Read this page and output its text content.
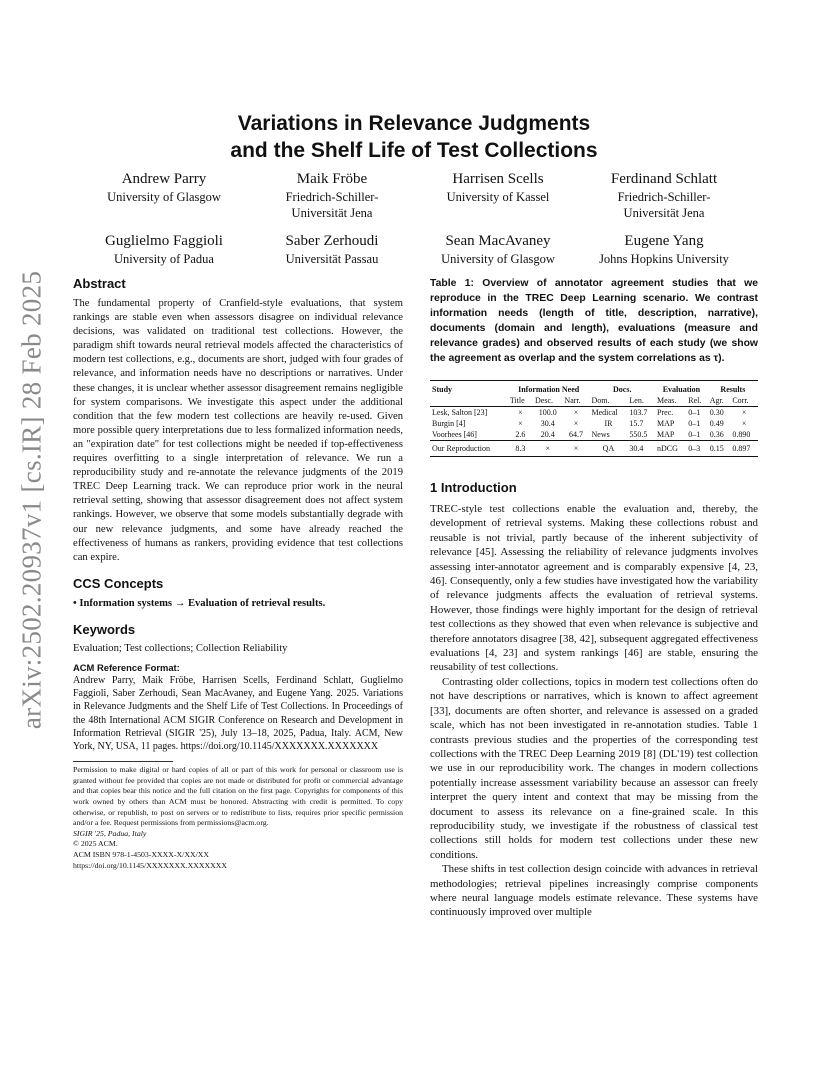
arXiv:2502.20937v1 [cs.IR] 28 Feb 2025
Variations in Relevance Judgments
and the Shelf Life of Test Collections
Andrew Parry
University of Glasgow
Maik Fröbe
Friedrich-Schiller-
Universität Jena
Harrisen Scells
University of Kassel
Ferdinand Schlatt
Friedrich-Schiller-
Universität Jena
Guglielmo Faggioli
University of Padua
Saber Zerhoudi
Universität Passau
Sean MacAvaney
University of Glasgow
Eugene Yang
Johns Hopkins University
Abstract

The fundamental property of Cranfield-style evaluations, that system rankings are stable even when assessors disagree on individual relevance decisions, was validated on traditional test collections. However, the paradigm shift towards neural retrieval models affected the characteristics of modern test collections, e.g., documents are short, judged with four grades of relevance, and information needs have no descriptions or narratives. Under these changes, it is unclear whether assessor disagreement remains negligible for system comparisons. We investigate this aspect under the additional condition that the few modern test collections are heavily re-used. Given more possible query interpretations due to less formalized information needs, an "expiration date" for test collections might be needed if top-effectiveness requires overfitting to a single interpretation of relevance. We run a reproducibility study and re-annotate the relevance judgments of the 2019 TREC Deep Learning track. We can reproduce prior work in the neural retrieval setting, showing that assessor disagreement does not affect system rankings. However, we observe that some models substantially degrade with our new relevance judgments, and some have already reached the effectiveness of humans as rankers, providing evidence that test collections can expire.

CCS Concepts

• Information systems → Evaluation of retrieval results.

Keywords

Evaluation; Test collections; Collection Reliability

ACM Reference Format:

Andrew Parry, Maik Fröbe, Harrisen Scells, Ferdinand Schlatt, Guglielmo Faggioli, Saber Zerhoudi, Sean MacAvaney, and Eugene Yang. 2025. Variations in Relevance Judgments and the Shelf Life of Test Collections. In Proceedings of the 48th International ACM SIGIR Conference on Research and Development in Information Retrieval (SIGIR '25), July 13–18, 2025, Padua, Italy. ACM, New York, NY, USA, 11 pages. https://doi.org/10.1145/XXXXXXX.XXXXXXX

Permission to make digital or hard copies of all or part of this work for personal or classroom use is granted without fee provided that copies are not made or distributed for profit or commercial advantage and that copies bear this notice and the full citation on the first page. Copyrights for components of this work owned by others than ACM must be honored. Abstracting with credit is permitted. To copy otherwise, or republish, to post on servers or to redistribute to lists, requires prior specific permission and/or a fee. Request permissions from permissions@acm.org.

SIGIR '25, Padua, Italy
© 2025 ACM.
ACM ISBN 978-1-4503-XXXX-X/XX/XX
https://doi.org/10.1145/XXXXXXX.XXXXXXX
Table 1: Overview of annotator agreement studies that we reproduce in the TREC Deep Learning scenario. We contrast information needs (length of title, description, narrative), documents (domain and length), evaluations (measure and relevance grades) and observed results of each study (we show the agreement as overlap and the system correlations as τ).
Study	Information Need			Docs.		Evaluation		Results	
	Title	Desc.	Narr.	Dom.	Len.	Meas.	Rel.	Agr.	Corr.
Lesk, Salton [23]	×	100.0	×	Medical	103.7	Prec.	0–1	0.30	×
Burgin [4]	×	30.4	×	IR	15.7	MAP	0–1	0.49	×
Voorhees [46]	2.6	20.4	64.7	News	550.5	MAP	0–1	0.36	0.890
Our Reproduction	8.3	×	×	QA	30.4	nDCG	0–3	0.15	0.897

1 Introduction

TREC-style test collections enable the evaluation and, thereby, the development of retrieval systems. Making these collections robust and reusable is not trivial, partly because of the inherent subjectivity of relevance [45]. Assessing the reliability of relevance judgments involves assessing inter-annotator agreement and is comparably expensive [4, 23, 46]. Consequently, only a few studies have investigated how the variability of relevance judgments affects the evaluation of retrieval systems. However, those findings were highly important for the design of retrieval test collections as they showed that even when relevance is subjective and therefore annotators disagree [38, 42], subsequent aggregated effectiveness evaluations [4, 23] and system rankings [46] are stable, ensuring the reusability of test collections.

Contrasting older collections, topics in modern test collections often do not have descriptions or narratives, which is known to affect agreement [33], documents are often shorter, and relevance is assessed on a graded scale, which has not been investigated in re-annotation studies. Table 1 contrasts previous studies and the properties of the corresponding test collections with the TREC Deep Learning 2019 [8] (DL'19) test collection we use in our reproducibility work. The changes in modern collections potentially increase assessment variability because an assessor can freely interpret the query intent and context that may be missing from the document to assess its relevance on a fine-grained scale. In this reproducibility study, we investigate if the robustness of classical test collections still holds for modern test collections under these new conditions.

These shifts in test collection design coincide with advances in retrieval methodologies; retrieval pipelines increasingly comprise components where neural language models estimate relevance. These systems have continuously improved over multiple
